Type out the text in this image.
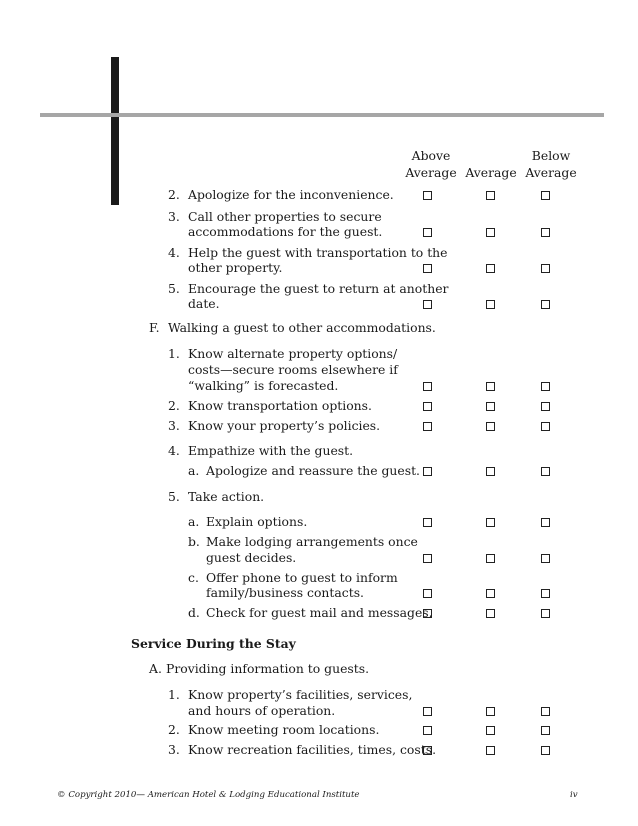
Above
Average Average
Below
Average
2. Apologize for the inconvenience.
3. Call other properties to secure
accommodations for the guest.
4. Help the guest with transportation to the
other property.
5. Encourage the guest to return at another
date.
F. Walking a guest to other accommodations.
1. Know alternate property options/
costs—secure rooms elsewhere if
“walking” is forecasted.
2. Know transportation options.
3. Know your property’s policies.
4. Empathize with the guest.
a. Apologize and reassure the guest.
5. Take action.
a. Explain options.
b. Make lodging arrangements once
guest decides.
c. Offer phone to guest to inform
family/business contacts.
d. Check for guest mail and messages.
Service During the Stay
A. Providing information to guests.
1. Know property’s facilities, services,
and hours of operation.
2. Know meeting room locations.
3. Know recreation facilities, times, costs.
© Copyright 2010— American Hotel & Lodging Educational Institute	iv
